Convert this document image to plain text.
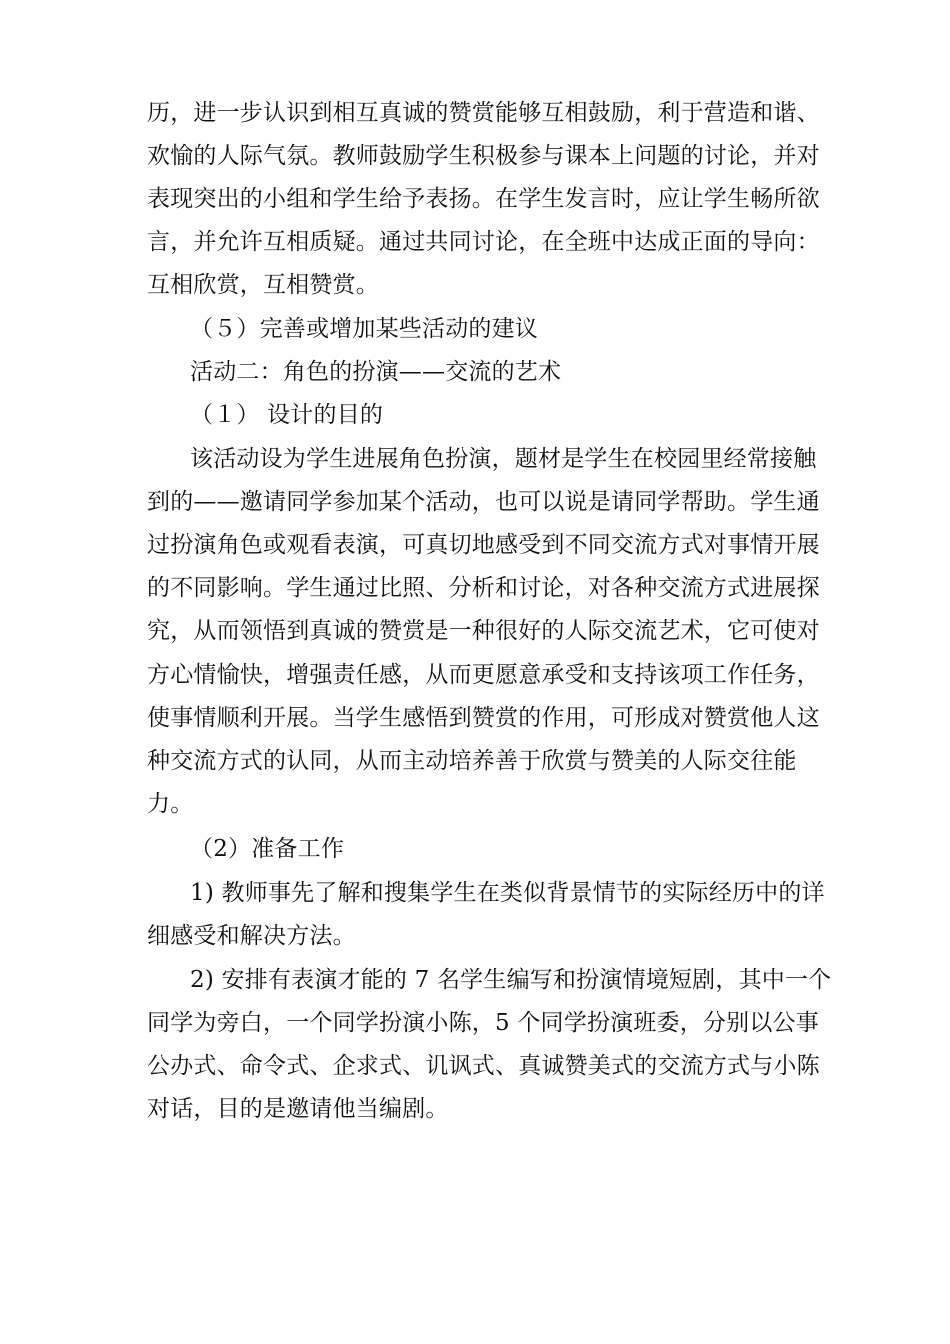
历，进一步认识到相互真诚的赞赏能够互相鼓励，利于营造和谐、
欢愉的人际气氛。教师鼓励学生积极参与课本上问题的讨论，并对
表现突出的小组和学生给予表扬。在学生发言时，应让学生畅所欲
言，并允许互相质疑。通过共同讨论，在全班中达成正面的导向：
互相欣赏，互相赞赏。
（５）完善或增加某些活动的建议
活动二：角色的扮演——交流的艺术
（１） 设计的目的
该活动设为学生进展角色扮演，题材是学生在校园里经常接触
到的——邀请同学参加某个活动，也可以说是请同学帮助。学生通
过扮演角色或观看表演，可真切地感受到不同交流方式对事情开展
的不同影响。学生通过比照、分析和讨论，对各种交流方式进展探
究，从而领悟到真诚的赞赏是一种很好的人际交流艺术，它可使对
方心情愉快，增强责任感，从而更愿意承受和支持该项工作任务，
使事情顺利开展。当学生感悟到赞赏的作用，可形成对赞赏他人这
种交流方式的认同，从而主动培养善于欣赏与赞美的人际交往能
力。
（2）准备工作
1) 教师事先了解和搜集学生在类似背景情节的实际经历中的详
细感受和解决方法。
2) 安排有表演才能的 7 名学生编写和扮演情境短剧，其中一个
同学为旁白，一个同学扮演小陈，5 个同学扮演班委，分别以公事
公办式、命令式、企求式、讥讽式、真诚赞美式的交流方式与小陈
对话，目的是邀请他当编剧。
